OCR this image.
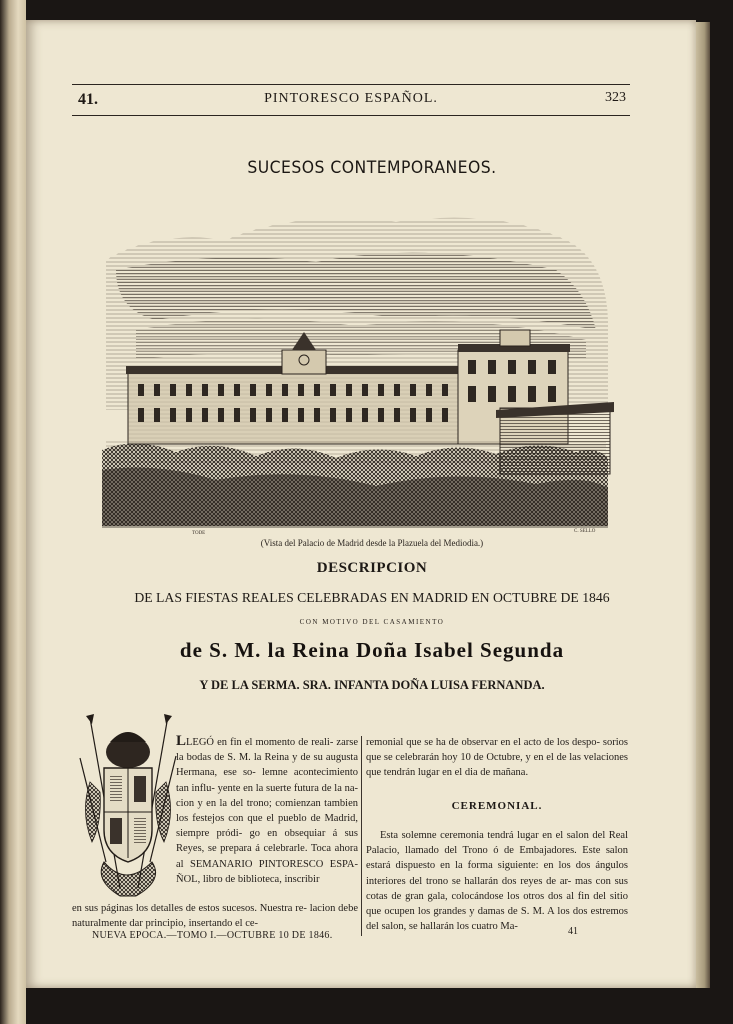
41.	PINTORESCO ESPAÑOL.	323
SUCESOS CONTEMPORANEOS.
TODE	C. SELLO
(Vista del Palacio de Madrid desde la Plazuela del Mediodia.)
DESCRIPCION
DE LAS FIESTAS REALES CELEBRADAS EN MADRID EN OCTUBRE DE 1846
CON MOTIVO DEL CASAMIENTO
de S. M. la Reina Doña Isabel Segunda
Y DE LA SERMA. SRA. INFANTA DOÑA LUISA FERNANDA.

LLEGÓ en fin el momento de reali- zarse la bodas de S. M. la Reina y de su augusta Hermana, ese so- lemne acontecimiento tan influ- yente en la suerte futura de la na- cion y en la del trono; comienzan tambien los festejos con que el pueblo de Madrid, siempre pródi- go en obsequiar á sus Reyes, se prepara á celebrarle. Toca ahora al SEMANARIO PINTORESCO ESPA- ÑOL, libro de biblioteca, inscribir

en sus páginas los detalles de estos sucesos. Nuestra re- lacion debe naturalmente dar principio, insertando el ce-

remonial que se ha de observar en el acto de los despo- sorios que se celebrarán hoy 10 de Octubre, y en el de las velaciones que tendrán lugar en el dia de mañana.

CEREMONIAL.

Esta solemne ceremonia tendrá lugar en el salon del Real Palacio, llamado del Trono ó de Embajadores. Este salon estará dispuesto en la forma siguiente: en los dos ángulos interiores del trono se hallarán dos reyes de ar- mas con sus cotas de gran gala, colocándose los otros dos al fin del sitio que ocupen los grandes y damas de S. M. A los dos estremos del salon, se hallarán los cuatro Ma-

NUEVA EPOCA.—TOMO I.—OCTUBRE 10 DE 1846.	41
